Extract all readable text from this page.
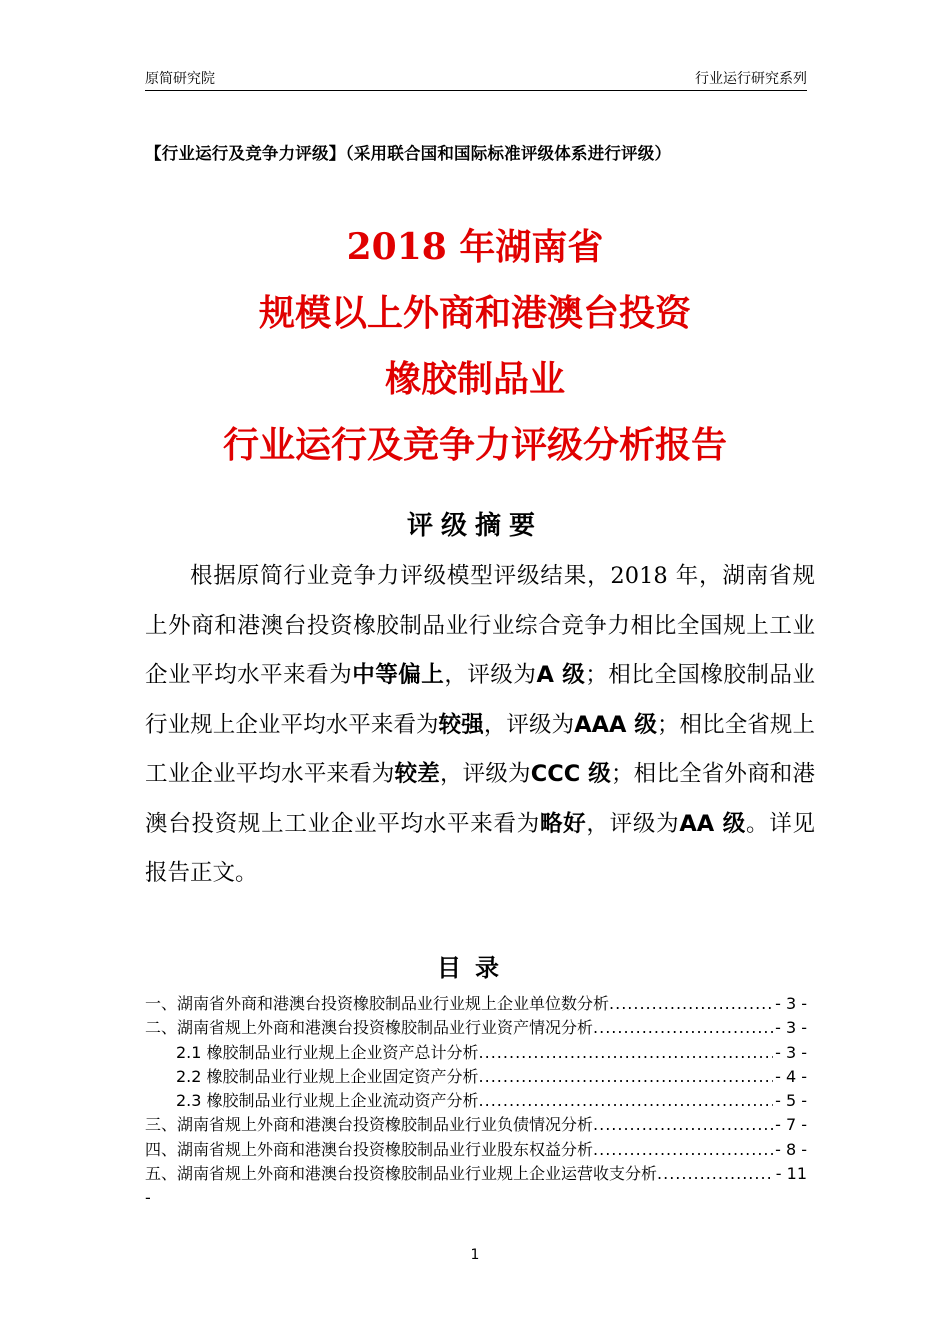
原简研究院	行业运行研究系列
【行业运行及竞争力评级】（采用联合国和国际标准评级体系进行评级）
2018 年湖南省
规模以上外商和港澳台投资
橡胶制品业
行业运行及竞争力评级分析报告
评级摘要

根据原简行业竞争力评级模型评级结果，2018 年，湖南省规上外商和港澳台投资橡胶制品业行业综合竞争力相比全国规上工业企业平均水平来看为中等偏上，评级为A 级；相比全国橡胶制品业行业规上企业平均水平来看为较强，评级为AAA 级；相比全省规上工业企业平均水平来看为较差，评级为CCC 级；相比全省外商和港澳台投资规上工业企业平均水平来看为略好，评级为AA 级。详见报告正文。

目录
一、湖南省外商和港澳台投资橡胶制品业行业规上企业单位数分析 .....	- 3 -
二、湖南省规上外商和港澳台投资橡胶制品业行业资产情况分析 .....	- 3 -
2.1 橡胶制品业行业规上企业资产总计分析 .....	- 3 -
2.2 橡胶制品业行业规上企业固定资产分析 .....	- 4 -
2.3 橡胶制品业行业规上企业流动资产分析 .....	- 5 -
三、湖南省规上外商和港澳台投资橡胶制品业行业负债情况分析 .....	- 7 -
四、湖南省规上外商和港澳台投资橡胶制品业行业股东权益分析 .....	- 8 -
五、湖南省规上外商和港澳台投资橡胶制品业行业规上企业运营收支分析 .....	- 11
-
1
